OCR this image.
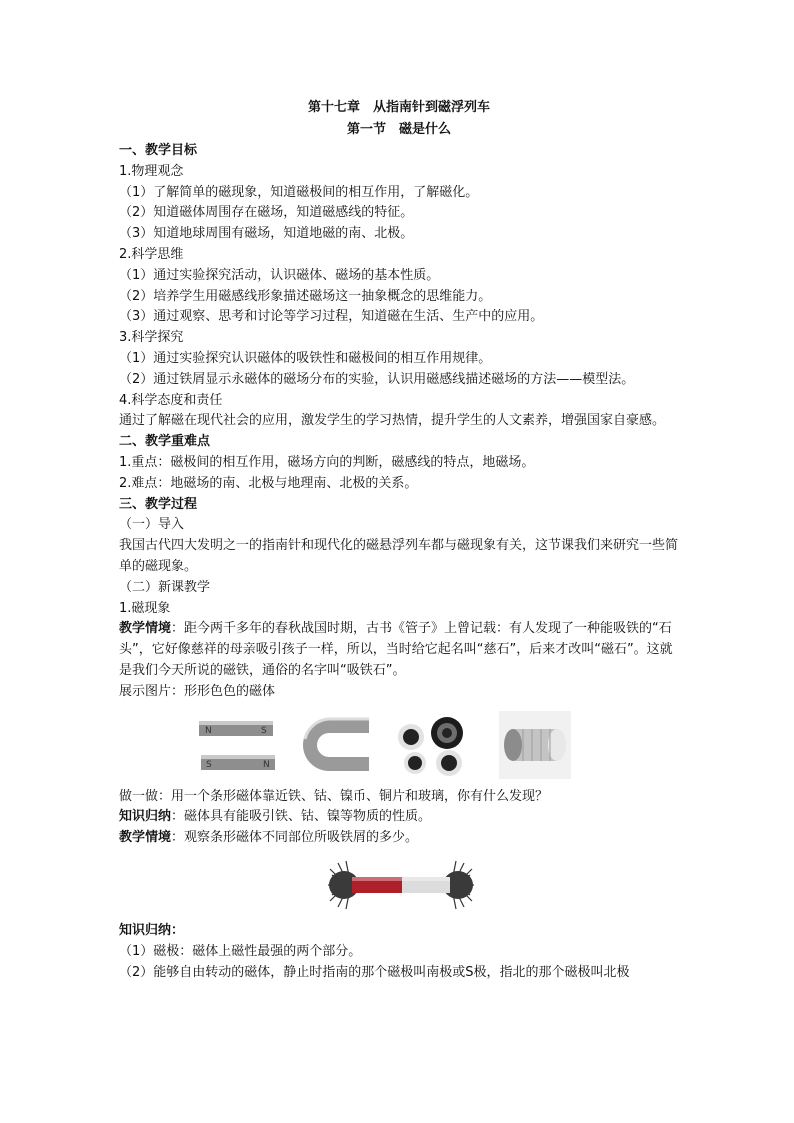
第十七章　从指南针到磁浮列车
第一节　磁是什么
一、教学目标
1.物理观念
（1）了解简单的磁现象，知道磁极间的相互作用，了解磁化。
（2）知道磁体周围存在磁场，知道磁感线的特征。
（3）知道地球周围有磁场，知道地磁的南、北极。
2.科学思维
（1）通过实验探究活动，认识磁体、磁场的基本性质。
（2）培养学生用磁感线形象描述磁场这一抽象概念的思维能力。
（3）通过观察、思考和讨论等学习过程，知道磁在生活、生产中的应用。
3.科学探究
（1）通过实验探究认识磁体的吸铁性和磁极间的相互作用规律。
（2）通过铁屑显示永磁体的磁场分布的实验，认识用磁感线描述磁场的方法——模型法。
4.科学态度和责任
通过了解磁在现代社会的应用，激发学生的学习热情，提升学生的人文素养，增强国家自豪感。
二、教学重难点
1.重点：磁极间的相互作用，磁场方向的判断，磁感线的特点，地磁场。
2.难点：地磁场的南、北极与地理南、北极的关系。
三、教学过程
（一）导入
我国古代四大发明之一的指南针和现代化的磁悬浮列车都与磁现象有关，这节课我们来研究一些简单的磁现象。
（二）新课教学
1.磁现象
教学情境：距今两千多年的春秋战国时期，古书《管子》上曾记载：有人发现了一种能吸铁的“石头”，它好像慈祥的母亲吸引孩子一样，所以，当时给它起名叫“慈石”，后来才改叫“磁石”。这就是我们今天所说的磁铁，通俗的名字叫“吸铁石”。
展示图片：形形色色的磁体
N	S
S	N
做一做：用一个条形磁体靠近铁、钴、镍币、铜片和玻璃，你有什么发现？
知识归纳：磁体具有能吸引铁、钴、镍等物质的性质。
教学情境：观察条形磁体不同部位所吸铁屑的多少。
知识归纳：
（1）磁极：磁体上磁性最强的两个部分。
（2）能够自由转动的磁体，静止时指南的那个磁极叫南极或S极，指北的那个磁极叫北极
